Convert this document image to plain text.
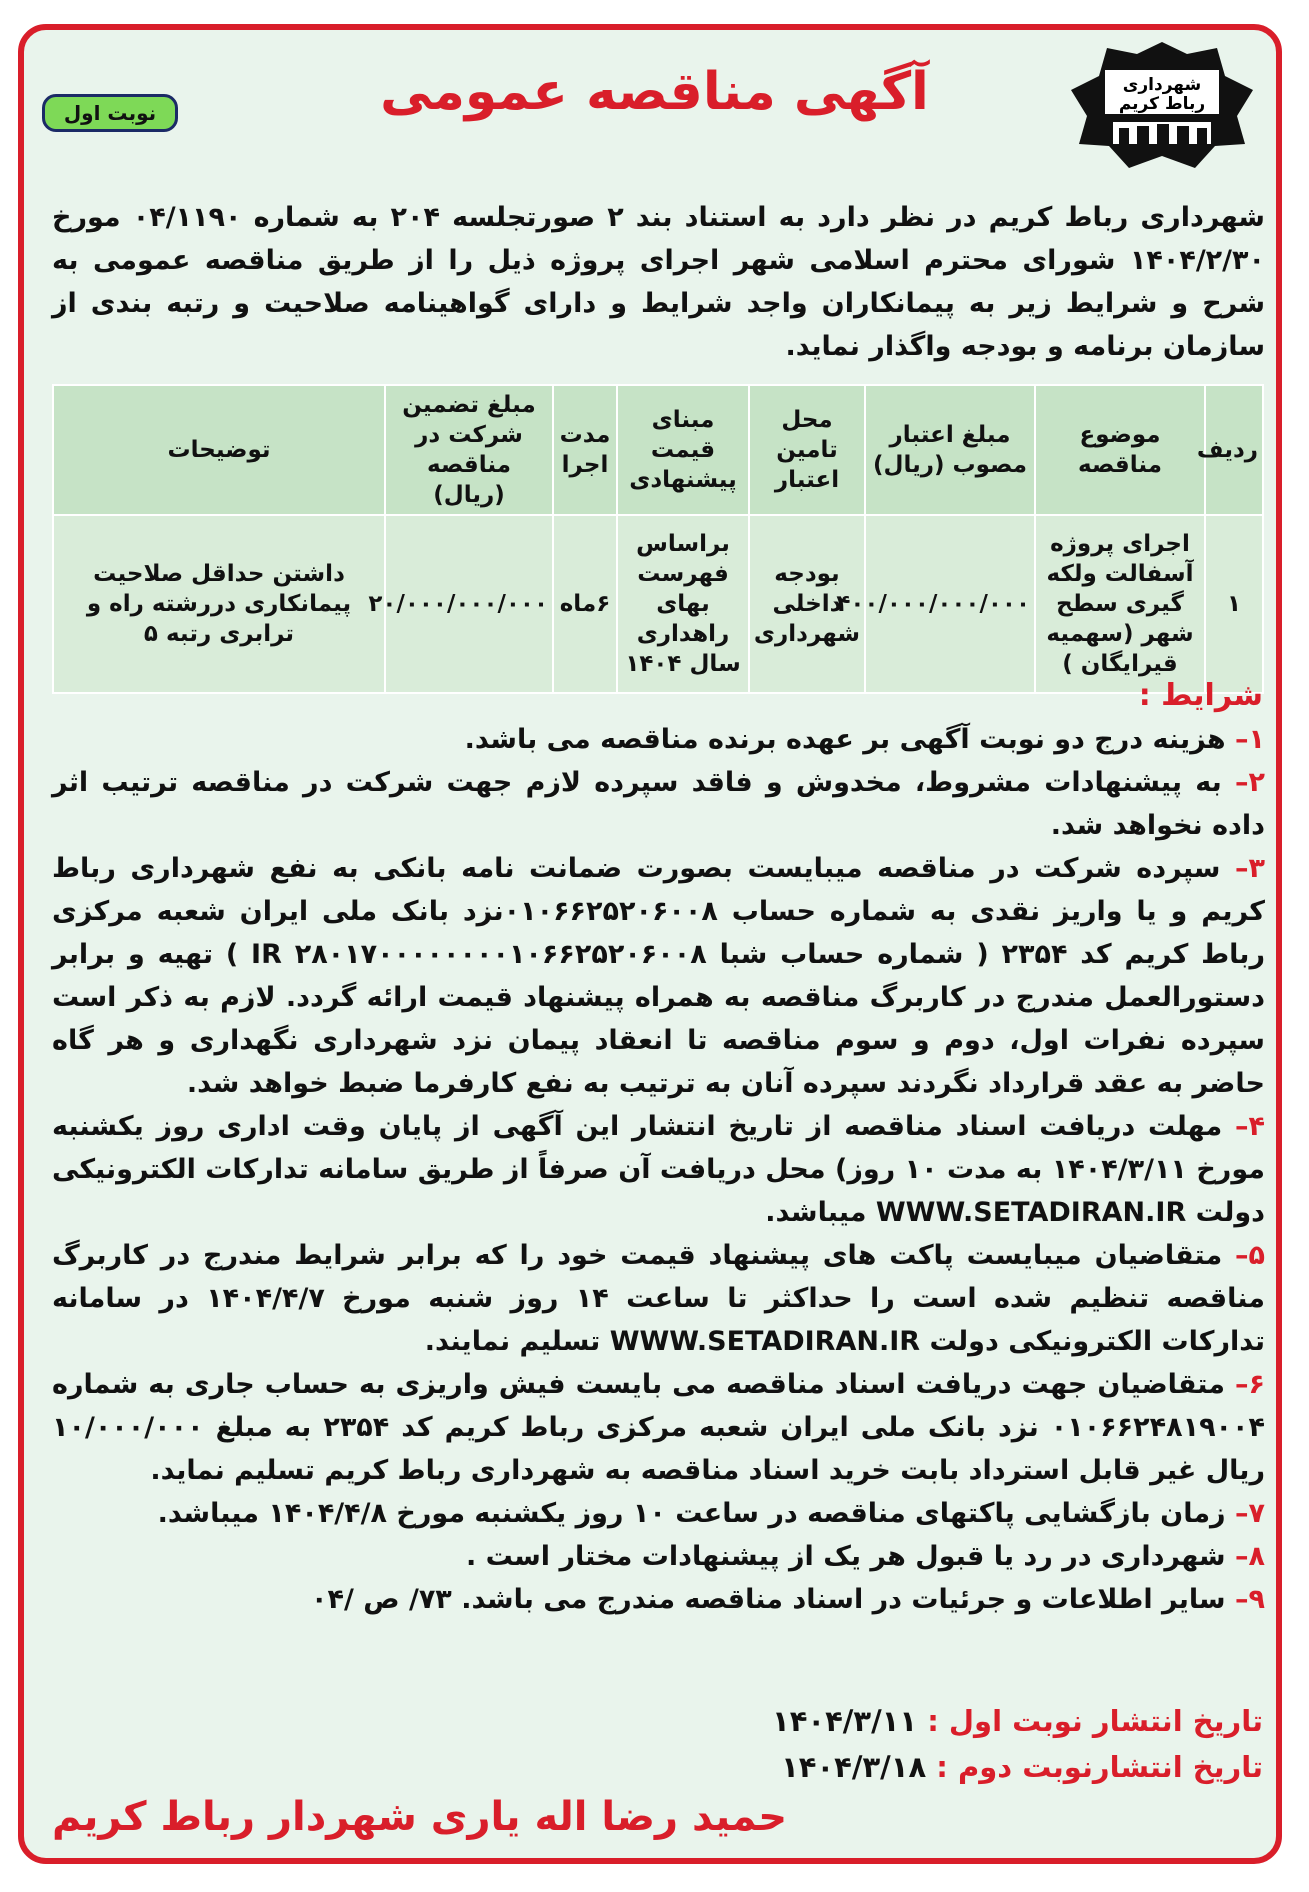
شهرداری
رباط کریم
آگهی مناقصه عمومی
نوبت اول
شهرداری رباط کریم در نظر دارد به استناد بند ۲ صورتجلسه ۲۰۴ به شماره ۰۴/۱۱۹۰ مورخ ۱۴۰۴/۲/۳۰ شورای محترم اسلامی شهر اجرای پروژه ذیل را از طریق مناقصه عمومی به شرح و شرایط زیر به پیمانکاران واجد شرایط و دارای گواهینامه صلاحیت و رتبه بندی از سازمان برنامه و بودجه واگذار نماید.
ردیف	موضوع مناقصه	مبلغ اعتبار مصوب (ریال)	محل تامین اعتبار	مبنای قیمت پیشنهادی	مدت اجرا	مبلغ تضمین شرکت در مناقصه (ریال)	توضیحات
۱	اجرای پروژه آسفالت ولکه گیری سطح شهر (سهمیه قیرایگان )	۴۰۰/۰۰۰/۰۰۰/۰۰۰	بودجه داخلی شهرداری	براساس فهرست بهای راهداری سال ۱۴۰۴	۶ماه	۲۰/۰۰۰/۰۰۰/۰۰۰	داشتن حداقل صلاحیت پیمانکاری دررشته راه و ترابری رتبه ۵
شرایط :

۱– هزینه درج دو نوبت آگهی بر عهده برنده مناقصه می باشد.

۲– به پیشنهادات مشروط، مخدوش و فاقد سپرده لازم جهت شرکت در مناقصه ترتیب اثر داده نخواهد شد.

۳– سپرده شرکت در مناقصه میبایست بصورت ضمانت نامه بانکی به نفع شهرداری رباط کریم و یا واریز نقدی به شماره حساب ۰۱۰۶۶۲۵۲۰۶۰۰۸نزد بانک ملی ایران شعبه مرکزی رباط کریم کد ۲۳۵۴ ( شماره حساب شبا IR ۲۸۰۱۷۰۰۰۰۰۰۰۰۱۰۶۶۲۵۲۰۶۰۰۸ ) تهیه و برابر دستورالعمل مندرج در کاربرگ مناقصه به همراه پیشنهاد قیمت ارائه گردد. لازم به ذکر است سپرده نفرات اول، دوم و سوم مناقصه تا انعقاد پیمان نزد شهرداری نگهداری و هر گاه حاضر به عقد قرارداد نگردند سپرده آنان به ترتیب به نفع کارفرما ضبط خواهد شد.

۴– مهلت دریافت اسناد مناقصه از تاریخ انتشار این آگهی از پایان وقت اداری روز یکشنبه مورخ ۱۴۰۴/۳/۱۱ به مدت ۱۰ روز) محل دریافت آن صرفاً از طریق سامانه تدارکات الکترونیکی دولت WWW.SETADIRAN.IR میباشد.

۵– متقاضیان میبایست پاکت های پیشنهاد قیمت خود را که برابر شرایط مندرج در کاربرگ مناقصه تنظیم شده است را حداکثر تا ساعت ۱۴ روز شنبه مورخ ۱۴۰۴/۴/۷ در سامانه تدارکات الکترونیکی دولت WWW.SETADIRAN.IR تسلیم نمایند.

۶– متقاضیان جهت دریافت اسناد مناقصه می بایست فیش واریزی به حساب جاری به شماره ۰۱۰۶۶۲۴۸۱۹۰۰۴ نزد بانک ملی ایران شعبه مرکزی رباط کریم کد ۲۳۵۴ به مبلغ ۱۰/۰۰۰/۰۰۰ ریال غیر قابل استرداد بابت خرید اسناد مناقصه به شهرداری رباط کریم تسلیم نماید.

۷– زمان بازگشایی پاکتهای مناقصه در ساعت ۱۰ روز یکشنبه مورخ ۱۴۰۴/۴/۸ میباشد.

۸– شهرداری در رد یا قبول هر یک از پیشنهادات مختار است .

۹– سایر اطلاعات و جرئیات در اسناد مناقصه مندرج می باشد. ۷۳/ ص /۰۴

تاریخ انتشار نوبت اول : ۱۴۰۴/۳/۱۱
تاریخ انتشارنوبت دوم : ۱۴۰۴/۳/۱۸
حمید رضا اله یاری شهردار رباط کریم
